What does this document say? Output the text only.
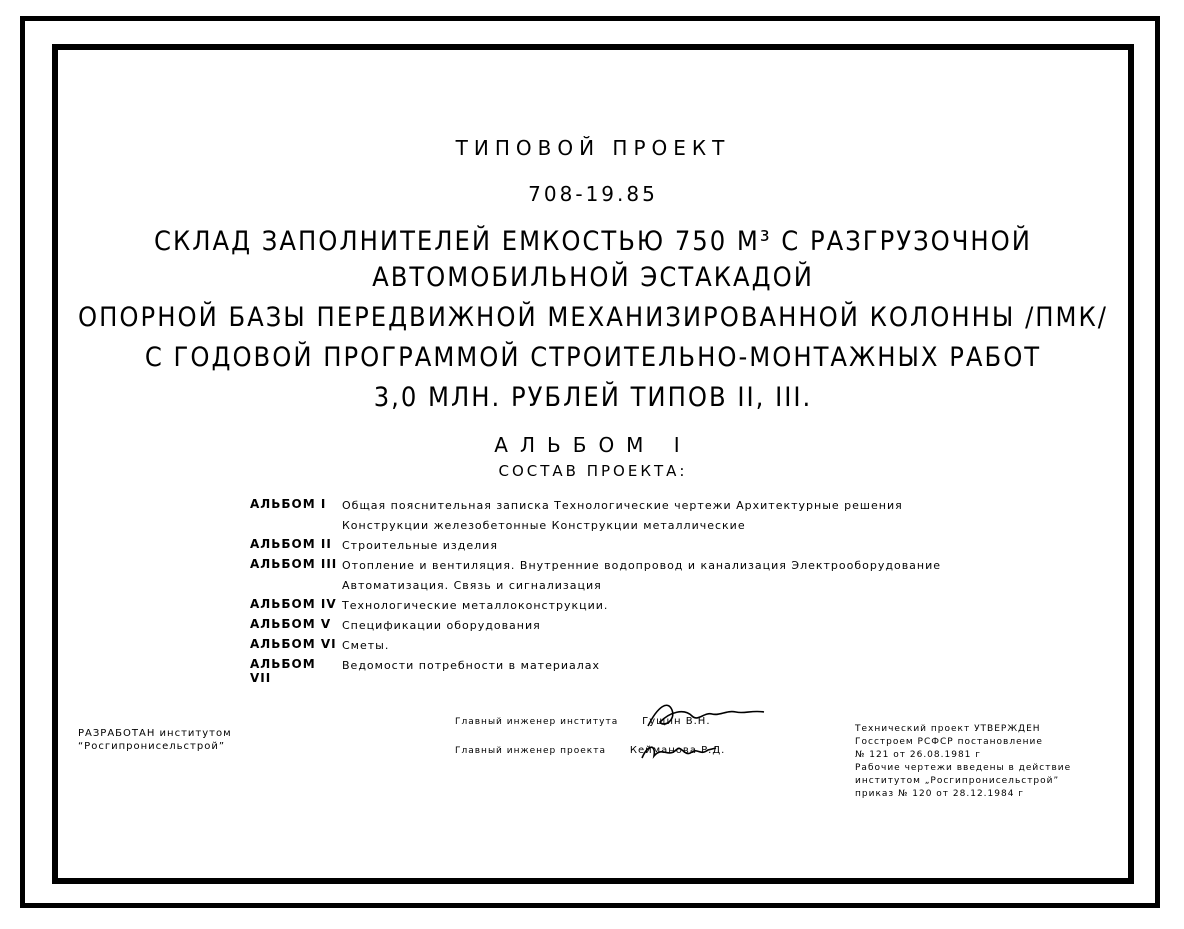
ТИПОВОЙ ПРОЕКТ
708-19.85
СКЛАД ЗАПОЛНИТЕЛЕЙ ЕМКОСТЬЮ 750 М³ С РАЗГРУЗОЧНОЙ
АВТОМОБИЛЬНОЙ ЭСТАКАДОЙ
ОПОРНОЙ БАЗЫ ПЕРЕДВИЖНОЙ МЕХАНИЗИРОВАННОЙ КОЛОННЫ /ПМК/
С ГОДОВОЙ ПРОГРАММОЙ СТРОИТЕЛЬНО-МОНТАЖНЫХ РАБОТ
3,0 МЛН. РУБЛЕЙ ТИПОВ II, III.
АЛЬБОМ I
СОСТАВ ПРОЕКТА:
АЛЬБОМ I	Общая пояснительная записка Технологические чертежи Архитектурные решения
Конструкции железобетонные Конструкции металлические
АЛЬБОМ II Строительные изделия
АЛЬБОМ III Отопление и вентиляция. Внутренние водопровод и канализация Электрооборудование
Автоматизация. Связь и сигнализация
АЛЬБОМ IV Технологические металлоконструкции.
АЛЬБОМ V Спецификации оборудования
АЛЬБОМ VI Сметы.
АЛЬБОМ VII
Ведомости потребности в материалах
РАЗРАБОТАН институтом
“Росгипронисельстрой”
Главный инженер института Гущин В.Н.
Главный инженер проекта Кейманова Р.Д.
Технический проект УТВЕРЖДЕН
Госстроем РСФСР постановление
№ 121 от 26.08.1981 г
Рабочие чертежи введены в действие
институтом „Росгипронисельстрой”
приказ № 120 от 28.12.1984 г
